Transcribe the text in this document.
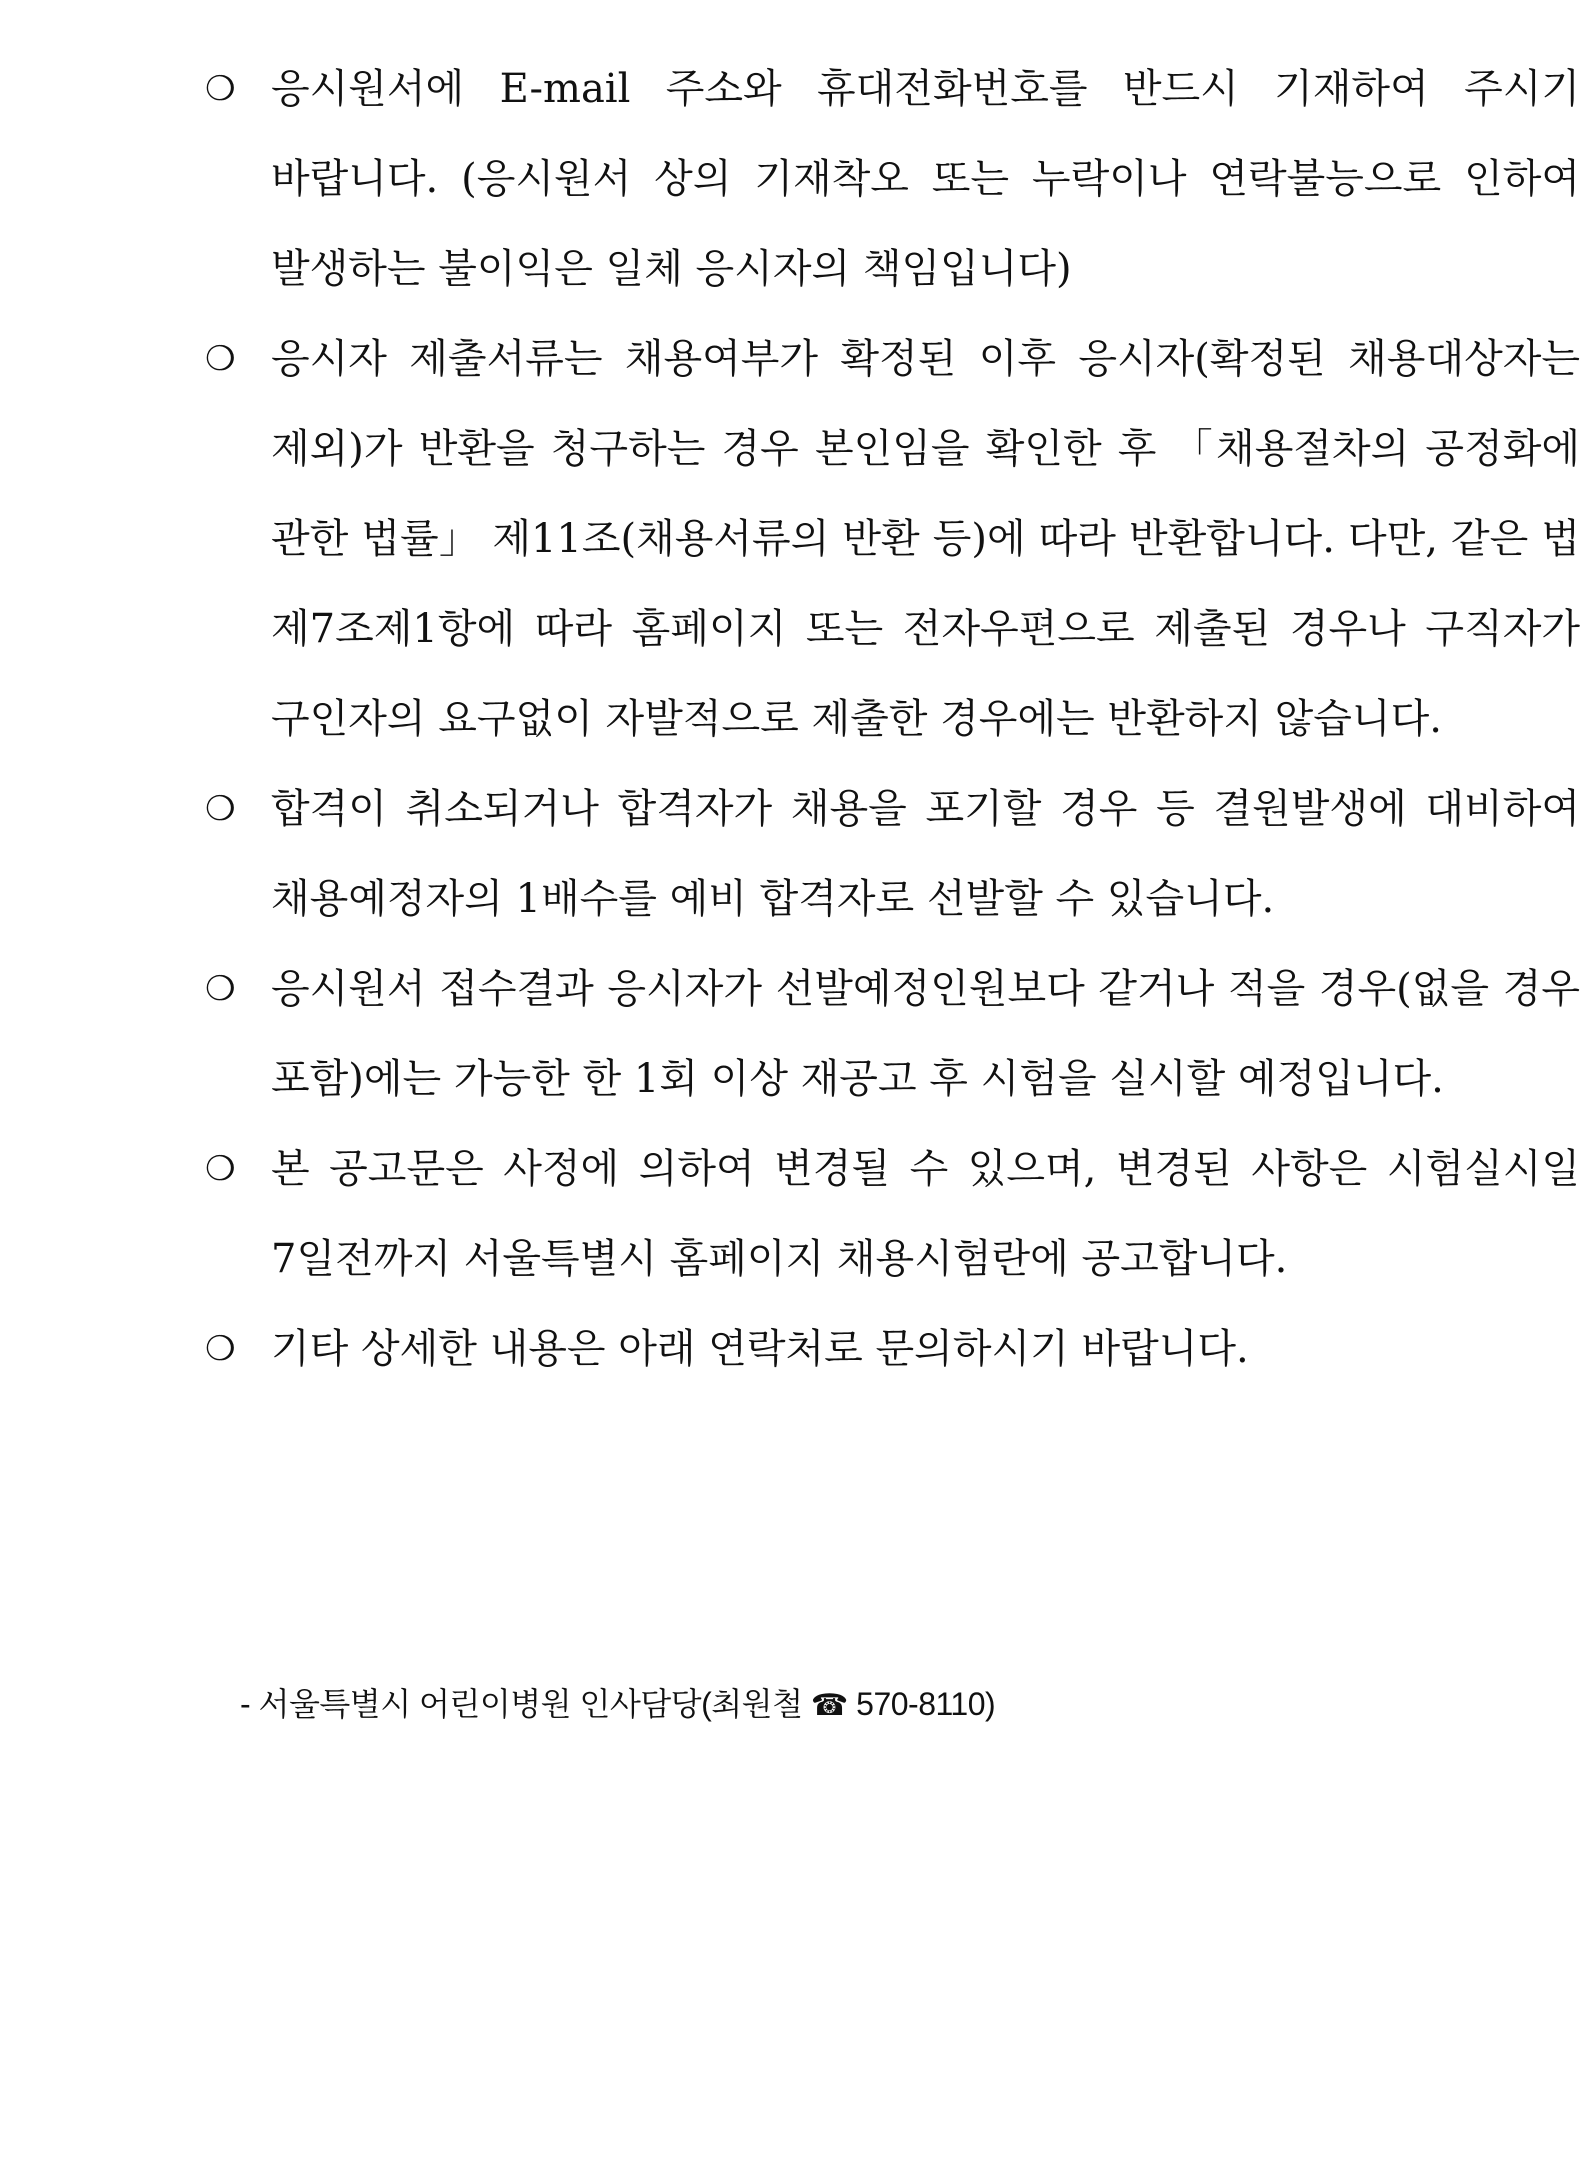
❍ 응시원서에 E-mail 주소와 휴대전화번호를 반드시 기재하여 주시기 바랍니다. (응시원서 상의 기재착오 또는 누락이나 연락불능으로 인하여 발생하는 불이익은 일체 응시자의 책임입니다)
❍ 응시자 제출서류는 채용여부가 확정된 이후 응시자(확정된 채용대상자는 제외)가 반환을 청구하는 경우 본인임을 확인한 후 「채용절차의 공정화에 관한 법률」 제11조(채용서류의 반환 등)에 따라 반환합니다. 다만, 같은 법 제7조제1항에 따라 홈페이지 또는 전자우편으로 제출된 경우나 구직자가 구인자의 요구없이 자발적으로 제출한 경우에는 반환하지 않습니다.
❍ 합격이 취소되거나 합격자가 채용을 포기할 경우 등 결원발생에 대비하여 채용예정자의 1배수를 예비 합격자로 선발할 수 있습니다.
❍ 응시원서 접수결과 응시자가 선발예정인원보다 같거나 적을 경우(없을 경우 포함)에는 가능한 한 1회 이상 재공고 후 시험을 실시할 예정입니다.
❍ 본 공고문은 사정에 의하여 변경될 수 있으며, 변경된 사항은 시험실시일 7일전까지 서울특별시 홈페이지 채용시험란에 공고합니다.
❍ 기타 상세한 내용은 아래 연락처로 문의하시기 바랍니다.
- 서울특별시 어린이병원 인사담당(최원철 ☎ 570-8110)
